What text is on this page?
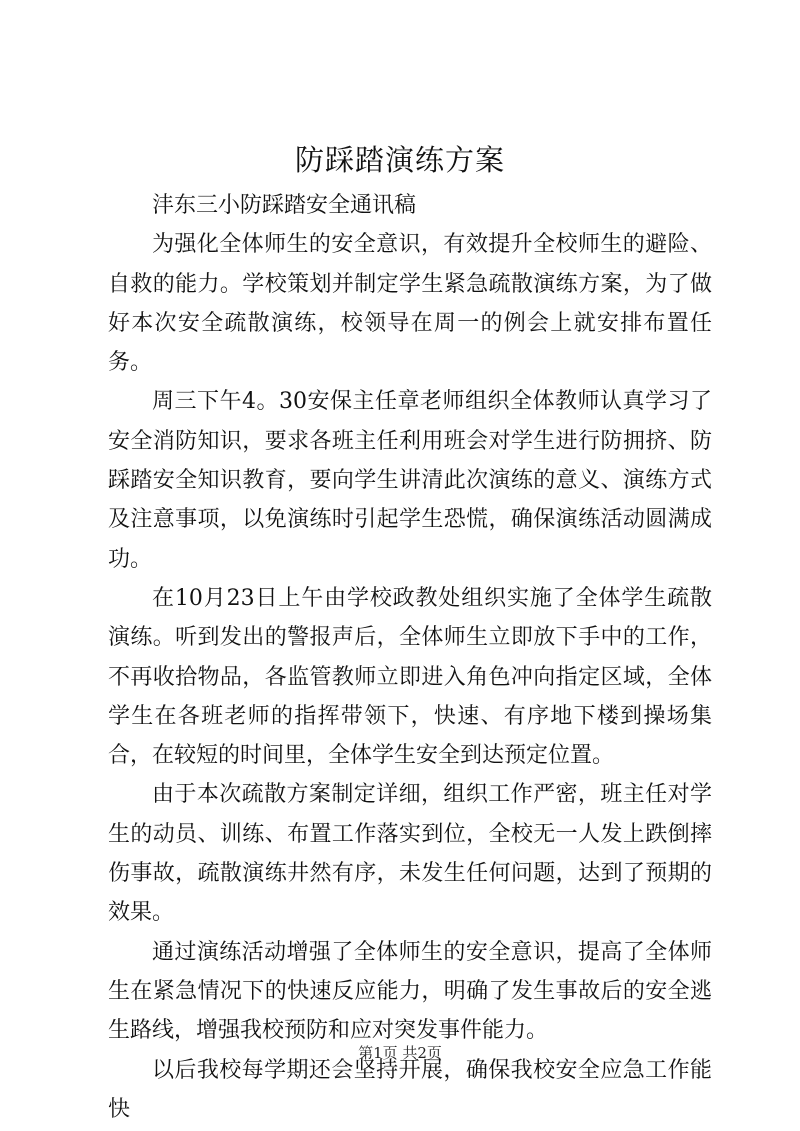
防踩踏演练方案

沣东三小防踩踏安全通讯稿

为强化全体师生的安全意识，有效提升全校师生的避险、自救的能力。学校策划并制定学生紧急疏散演练方案，为了做好本次安全疏散演练，校领导在周一的例会上就安排布置任务。

周三下午4。30安保主任章老师组织全体教师认真学习了安全消防知识，要求各班主任利用班会对学生进行防拥挤、防踩踏安全知识教育，要向学生讲清此次演练的意义、演练方式及注意事项，以免演练时引起学生恐慌，确保演练活动圆满成功。

在10月23日上午由学校政教处组织实施了全体学生疏散演练。听到发出的警报声后，全体师生立即放下手中的工作，不再收拾物品，各监管教师立即进入角色冲向指定区域，全体学生在各班老师的指挥带领下，快速、有序地下楼到操场集合，在较短的时间里，全体学生安全到达预定位置。

由于本次疏散方案制定详细，组织工作严密，班主任对学生的动员、训练、布置工作落实到位，全校无一人发上跌倒摔伤事故，疏散演练井然有序，未发生任何问题，达到了预期的效果。

通过演练活动增强了全体师生的安全意识，提高了全体师生在紧急情况下的快速反应能力，明确了发生事故后的安全逃生路线，增强我校预防和应对突发事件能力。

以后我校每学期还会坚持开展，确保我校安全应急工作能快

第1页 共2页
